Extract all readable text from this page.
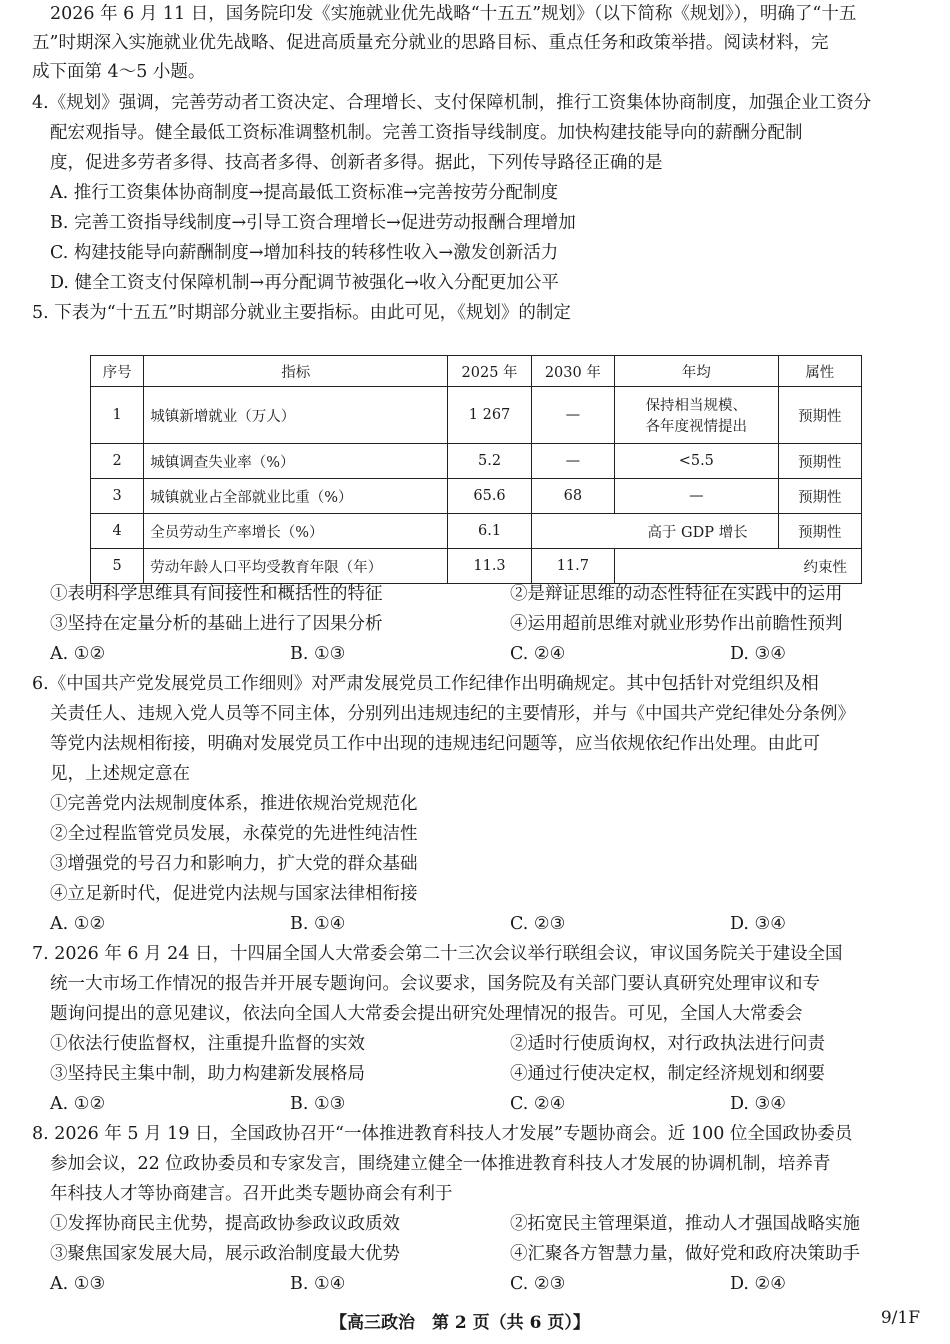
2026 年 6 月 11 日，国务院印发《实施就业优先战略“十五五”规划》（以下简称《规划》），明确了“十五
五”时期深入实施就业优先战略、促进高质量充分就业的思路目标、重点任务和政策举措。阅读材料，完
成下面第 4～5 小题。
4.《规划》强调，完善劳动者工资决定、合理增长、支付保障机制，推行工资集体协商制度，加强企业工资分
配宏观指导。健全最低工资标准调整机制。完善工资指导线制度。加快构建技能导向的薪酬分配制
度，促进多劳者多得、技高者多得、创新者多得。据此，下列传导路径正确的是
A. 推行工资集体协商制度→提高最低工资标准→完善按劳分配制度
B. 完善工资指导线制度→引导工资合理增长→促进劳动报酬合理增加
C. 构建技能导向薪酬制度→增加科技的转移性收入→激发创新活力
D. 健全工资支付保障机制→再分配调节被强化→收入分配更加公平
5. 下表为“十五五”时期部分就业主要指标。由此可见，《规划》的制定
序号	指标	2025 年	2030 年	年均	属性
1	城镇新增就业（万人）	1 267	—	保持相当规模、
各年度视情提出	预期性
2	城镇调查失业率（%）	5.2	—	<5.5	预期性
3	城镇就业占全部就业比重（%）	65.6	68	—	预期性
4	全员劳动生产率增长（%）	6.1	高于 GDP 增长		预期性
5	劳动年龄人口平均受教育年限（年）	11.3	11.7	约束性	
①表明科学思维具有间接性和概括性的特征	②是辩证思维的动态性特征在实践中的运用
③坚持在定量分析的基础上进行了因果分析	④运用超前思维对就业形势作出前瞻性预判
A. ①②	B. ①③	C. ②④	D. ③④
6.《中国共产党发展党员工作细则》对严肃发展党员工作纪律作出明确规定。其中包括针对党组织及相
关责任人、违规入党人员等不同主体，分别列出违规违纪的主要情形，并与《中国共产党纪律处分条例》
等党内法规相衔接，明确对发展党员工作中出现的违规违纪问题等，应当依规依纪作出处理。由此可
见，上述规定意在
①完善党内法规制度体系，推进依规治党规范化
②全过程监管党员发展，永葆党的先进性纯洁性
③增强党的号召力和影响力，扩大党的群众基础
④立足新时代，促进党内法规与国家法律相衔接
A. ①②	B. ①④	C. ②③	D. ③④
7. 2026 年 6 月 24 日，十四届全国人大常委会第二十三次会议举行联组会议，审议国务院关于建设全国
统一大市场工作情况的报告并开展专题询问。会议要求，国务院及有关部门要认真研究处理审议和专
题询问提出的意见建议，依法向全国人大常委会提出研究处理情况的报告。可见，全国人大常委会
①依法行使监督权，注重提升监督的实效	②适时行使质询权，对行政执法进行问责
③坚持民主集中制，助力构建新发展格局	④通过行使决定权，制定经济规划和纲要
A. ①②	B. ①③	C. ②④	D. ③④
8. 2026 年 5 月 19 日，全国政协召开“一体推进教育科技人才发展”专题协商会。近 100 位全国政协委员
参加会议，22 位政协委员和专家发言，围绕建立健全一体推进教育科技人才发展的协调机制，培养青
年科技人才等协商建言。召开此类专题协商会有利于
①发挥协商民主优势，提高政协参政议政质效	②拓宽民主管理渠道，推动人才强国战略实施
③聚焦国家发展大局，展示政治制度最大优势	④汇聚各方智慧力量，做好党和政府决策助手
A. ①③	B. ①④	C. ②③	D. ②④
【高三政治　第 2 页（共 6 页）】	9/1F
